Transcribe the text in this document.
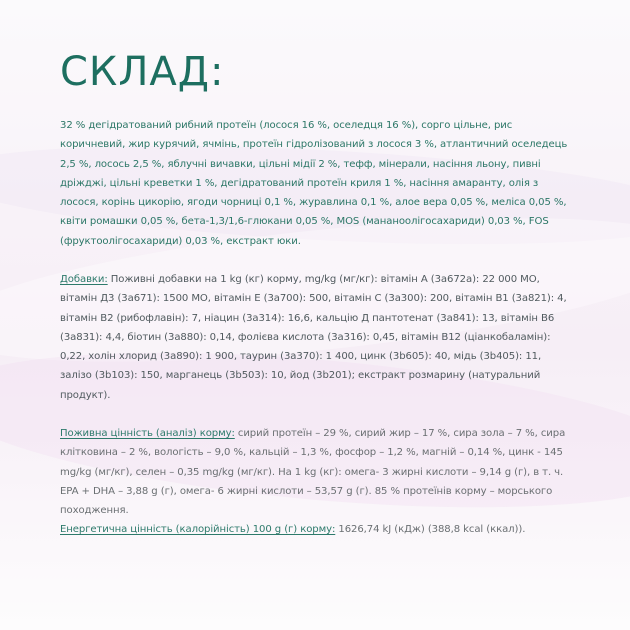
СКЛАД:

32 % дегідратований рибний протеїн (лосося 16 %, оселедця 16 %), сорго цільне, рис коричневий, жир курячий, ячмінь, протеїн гідролізований з лосося 3 %, атлантичний оселедець 2,5 %, лосось 2,5 %, яблучні вичавки, цільні мідії 2 %, тефф, мінерали, насіння льону, пивні дріжджі, цільні креветки 1 %, дегідратований протеїн криля 1 %, насіння амаранту, олія з лосося, корінь цикорію, ягоди чорниці 0,1 %, журавлина 0,1 %, алое вера 0,05 %, меліса 0,05 %, квіти ромашки 0,05 %, бета-1,3/1,6-глюкани 0,05 %, MOS (мананоолігосахариди) 0,03 %, FOS (фруктоолігосахариди) 0,03 %, екстракт юки.

Добавки: Поживні добавки на 1 kg (кг) корму, mg/kg (мг/кг): вітамін А (3a672a): 22 000 МО, вітамін Д3 (3a671): 1500 МО, вітамін Е (3a700): 500, вітамін С (3a300): 200, вітамін В1 (3a821): 4, вітамін В2 (рибофлавін): 7, ніацин (3a314): 16,6, кальцію Д пантотенат (3a841): 13, вітамін В6 (3a831): 4,4, біотин (3a880): 0,14, фолієва кислота (3a316): 0,45, вітамін В12 (ціанкобаламін): 0,22, холін хлорид (3a890): 1 900, таурин (3a370): 1 400, цинк (3b605): 40, мідь (3b405): 11, залізо (3b103): 150, марганець (3b503): 10, йод (3b201); екстракт розмарину (натуральний продукт).

Поживна цінність (аналіз) корму: сирий протеїн – 29 %, сирий жир – 17 %, сира зола – 7 %, сира клітковина – 2 %, вологість – 9,0 %, кальцій – 1,3 %, фосфор – 1,2 %, магній – 0,14 %, цинк - 145 mg/kg (мг/кг), селен – 0,35 mg/kg (мг/кг). На 1 kg (кг): омега- 3 жирні кислоти – 9,14 g (г), в т. ч. EPA + DHA – 3,88 g (г), омега- 6 жирні кислоти – 53,57 g (г). 85 % протеїнів корму – морського походження.
Енергетична цінність (калорійність) 100 g (г) корму: 1626,74 kJ (кДж) (388,8 kcal (ккал)).
